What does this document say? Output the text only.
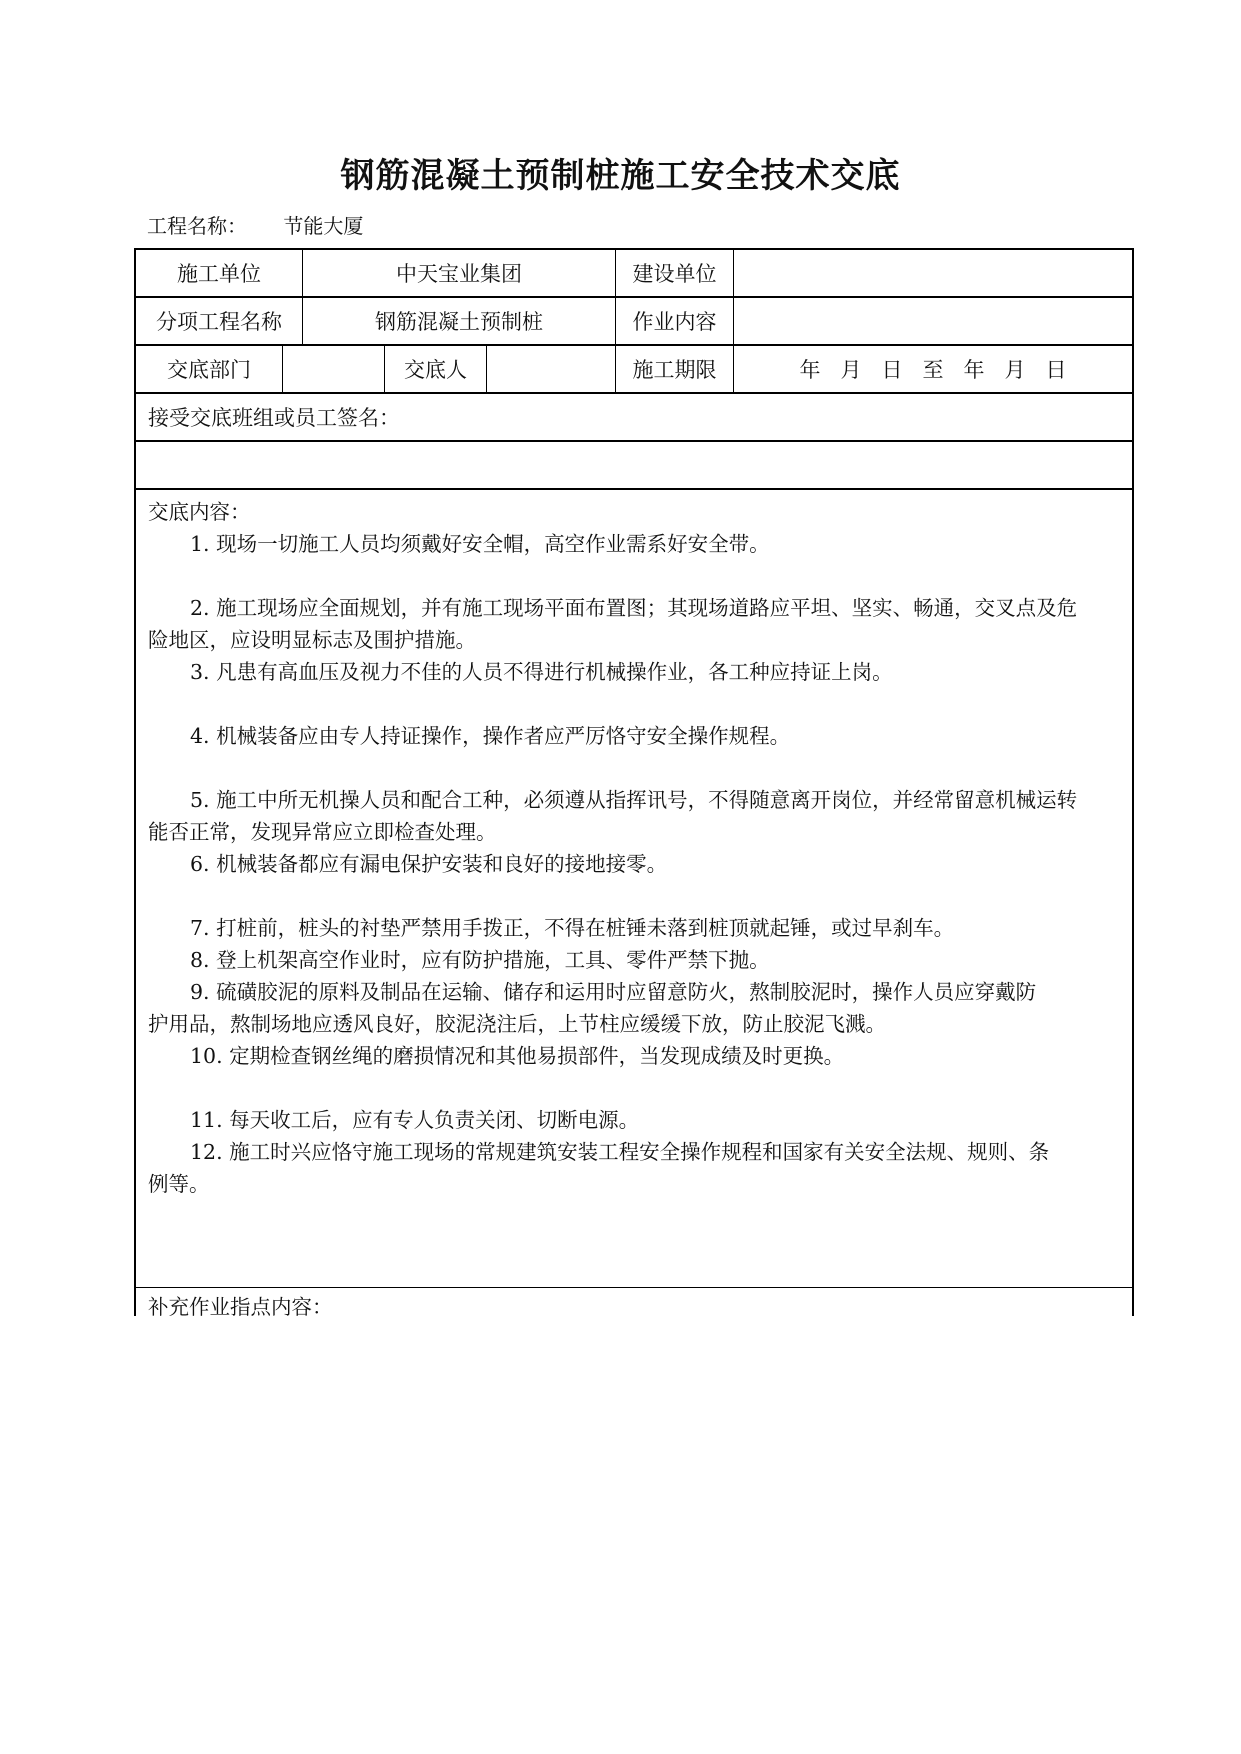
钢筋混凝土预制桩施工安全技术交底
工程名称： 节能大厦
施工单位	中天宝业集团	建设单位
分项工程名称	钢筋混凝土预制桩	作业内容
交底部门	交底人	施工期限	年 月 日 至 年 月 日
接受交底班组或员工签名：
交底内容：
1. 现场一切施工人员均须戴好安全帽，高空作业需系好安全带。
2. 施工现场应全面规划，并有施工现场平面布置图；其现场道路应平坦、坚实、畅通，交叉点及危
险地区，应设明显标志及围护措施。
3. 凡患有高血压及视力不佳的人员不得进行机械操作业，各工种应持证上岗。
4. 机械装备应由专人持证操作，操作者应严厉恪守安全操作规程。
5. 施工中所无机操人员和配合工种，必须遵从指挥讯号，不得随意离开岗位，并经常留意机械运转
能否正常，发现异常应立即检查处理。
6. 机械装备都应有漏电保护安装和良好的接地接零。
7. 打桩前，桩头的衬垫严禁用手拨正，不得在桩锤未落到桩顶就起锤，或过早刹车。
8. 登上机架高空作业时，应有防护措施，工具、零件严禁下抛。
9. 硫磺胶泥的原料及制品在运输、储存和运用时应留意防火，熬制胶泥时，操作人员应穿戴防
护用品，熬制场地应透风良好，胶泥浇注后，上节柱应缓缓下放，防止胶泥飞溅。
10. 定期检查钢丝绳的磨损情况和其他易损部件，当发现成绩及时更换。
11. 每天收工后，应有专人负责关闭、切断电源。
12. 施工时兴应恪守施工现场的常规建筑安装工程安全操作规程和国家有关安全法规、规则、条
例等。
补充作业指点内容：
